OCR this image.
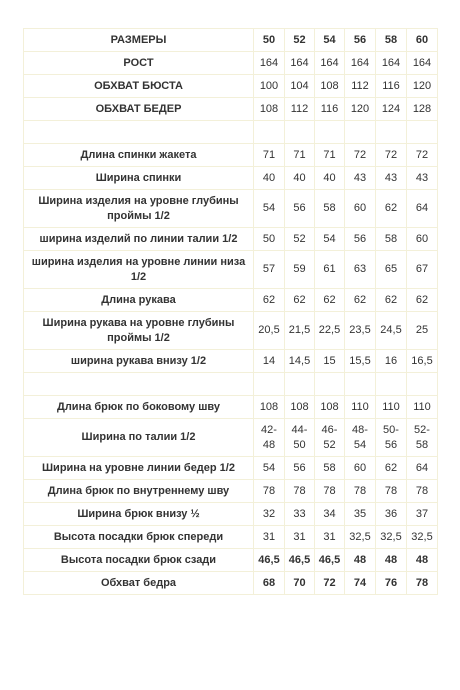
РАЗМЕРЫ	50	52	54	56	58	60
РОСТ	164	164	164	164	164	164
ОБХВАТ БЮСТА	100	104	108	112	116	120
ОБХВАТ БЕДЕР	108	112	116	120	124	128

Длина спинки жакета	71	71	71	72	72	72
Ширина спинки	40	40	40	43	43	43
Ширина изделия на уровне глубины проймы 1/2	54	56	58	60	62	64
ширина изделий по линии талии 1/2	50	52	54	56	58	60
ширина изделия на уровне линии низа 1/2	57	59	61	63	65	67
Длина рукава	62	62	62	62	62	62
Ширина рукава на уровне глубины проймы 1/2	20,5	21,5	22,5	23,5	24,5	25
ширина рукава внизу 1/2	14	14,5	15	15,5	16	16,5

Длина брюк по боковому шву	108	108	108	110	110	110
Ширина по талии 1/2	42-48	44-50	46-52	48-54	50-56	52-58
Ширина на уровне линии бедер 1/2	54	56	58	60	62	64
Длина брюк по внутреннему шву	78	78	78	78	78	78
Ширина брюк внизу ½	32	33	34	35	36	37
Высота посадки брюк спереди	31	31	31	32,5	32,5	32,5
Высота посадки брюк сзади	46,5	46,5	46,5	48	48	48
Обхват бедра	68	70	72	74	76	78
